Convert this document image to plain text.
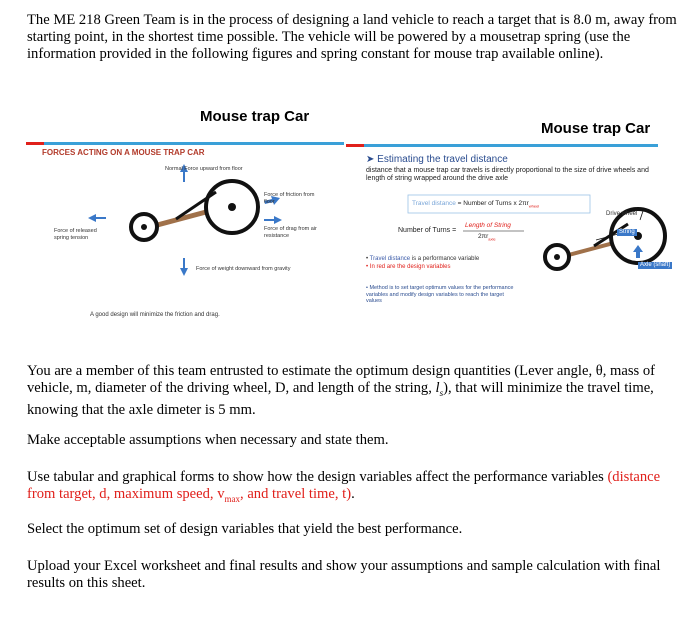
The ME 218 Green Team is in the process of designing a land vehicle to reach a target that is 8.0 m, away from starting point, in the shortest time possible. The vehicle will be powered by a mousetrap spring (use the information provided in the following figures and spring constant for mouse trap available online).

Mouse trap Car
FORCES ACTING ON A MOUSE TRAP CAR
Normal Force upward from floor
Force of friction from floor
Force of drag from air resistance
Force of released spring tension
Force of weight downward from gravity
A good design will minimize the friction and drag.
Mouse trap Car
➤ Estimating the travel distance
distance that a mouse trap car travels is directly proportional to the size of drive wheels and length of string wrapped around the drive axle
Travel distance = Number of Turns x $2\pi r_{wheel}$
Number of Turns =
Length of String
$2\pi r_{axle}$
Drive wheel
String
Axle (shaft)
• Travel distance is a performance variable
• In red are the design variables
• Method is to set target optimum values for the performance variables and modify design variables to reach the target values

You are a member of this team entrusted to estimate the optimum design quantities (Lever angle, θ, mass of vehicle, m, diameter of the driving wheel, D, and length of the string, $l_s$), that will minimize the travel time, knowing that the axle dimeter is 5 mm.

Make acceptable assumptions when necessary and state them.

Use tabular and graphical forms to show how the design variables affect the performance variables (distance from target, d, maximum speed, $v_{max}$, and travel time, t).

Select the optimum set of design variables that yield the best performance.

Upload your Excel worksheet and final results and show your assumptions and sample calculation with final results on this sheet.
